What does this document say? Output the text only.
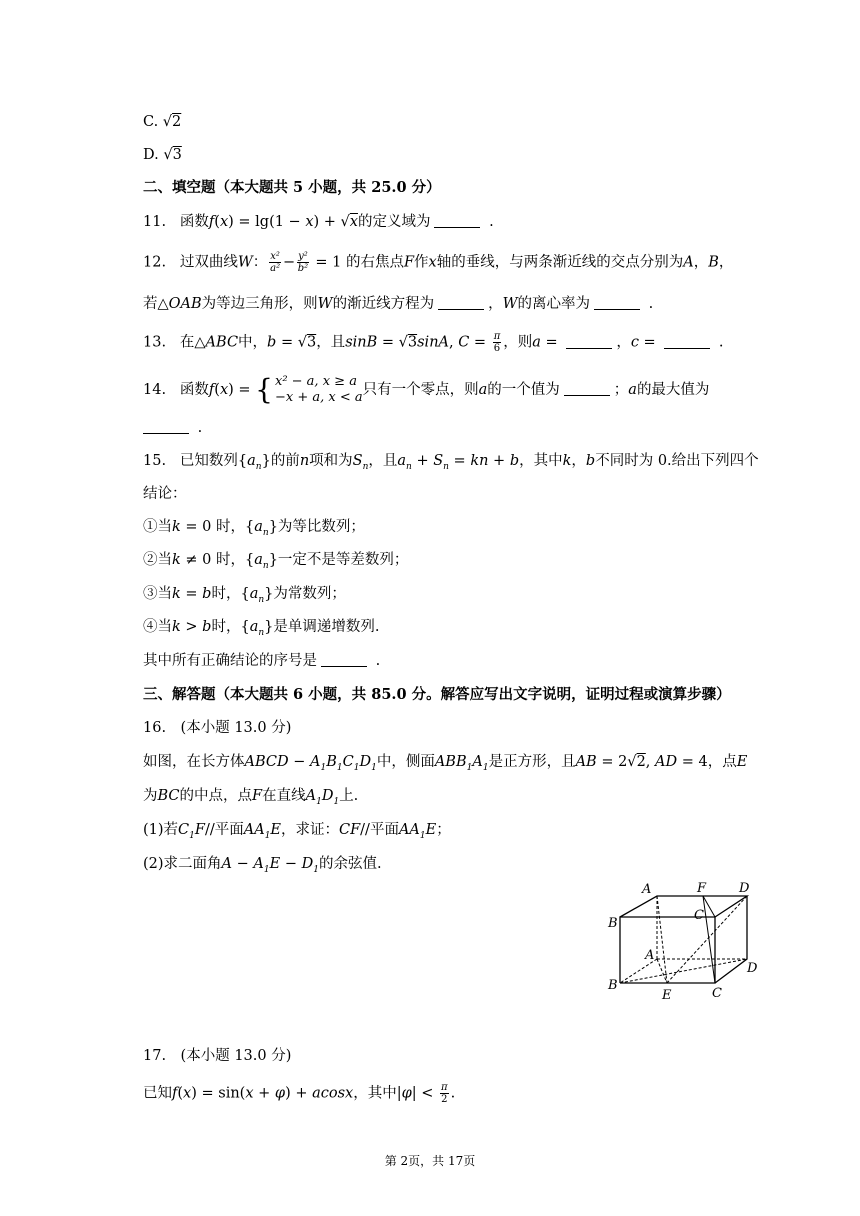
C. √2
D. √3
二、填空题（本大题共 5 小题，共 25.0 分）
11. 函数f(x) = lg(1 − x) + √x的定义域为	.
12. 过双曲线W： $\frac{\text{x²}}{\text{a²}} - \frac{\text{y²}}{\text{b²}} = 1$ 的右焦点F作x轴的垂线，与两条渐近线的交点分别为A，B，
若△OAB为等边三角形，则W的渐近线方程为	，W的离心率为	.
13. 在△ABC中，b = √3，且sinB = √3sinA, $C = \frac{\pi}{6}$ ，则a =	，c =	.
14. 函数f(x) = { x² − a, x ≥ a
−x + a, x < a 只有一个零点，则a的一个值为	；a的最大值为
.
15. 已知数列$\{a_n\}$的前n项和为$S_n$，且$a_n + S_n$ = kn + b，其中k，b不同时为 0.给出下列四个
结论：
①当k = 0 时，$\{a_n\}$为等比数列；
②当k ≠ 0 时，$\{a_n\}$一定不是等差数列；
③当k = b时，$\{a_n\}$为常数列；
④当k > b时，$\{a_n\}$是单调递增数列.
其中所有正确结论的序号是	.
三、解答题（本大题共 6 小题，共 85.0 分。解答应写出文字说明，证明过程或演算步骤）
16.　(本小题 13.0 分)
如图，在长方体ABCD − $A_1B_1C_1D_1$中，侧面$ABB_1A_1$是正方形，且AB = 2√2, AD = 4，点E
为BC的中点，点F在直线$A_1D_1$上.
(1)若$C_1F//$平面$AA_1E$，求证：CF//平面$AA_1E$；
(2)求二面角$A - A_1E - D_1$的余弦值.
A	F	D
B
C
A
D
B
E	C
17.　(本小题 13.0 分)
已知f(x) = sin(x + φ) + acosx，其中$|\varphi| < \frac{\pi}{2}$ .
第 2页，共 17页
